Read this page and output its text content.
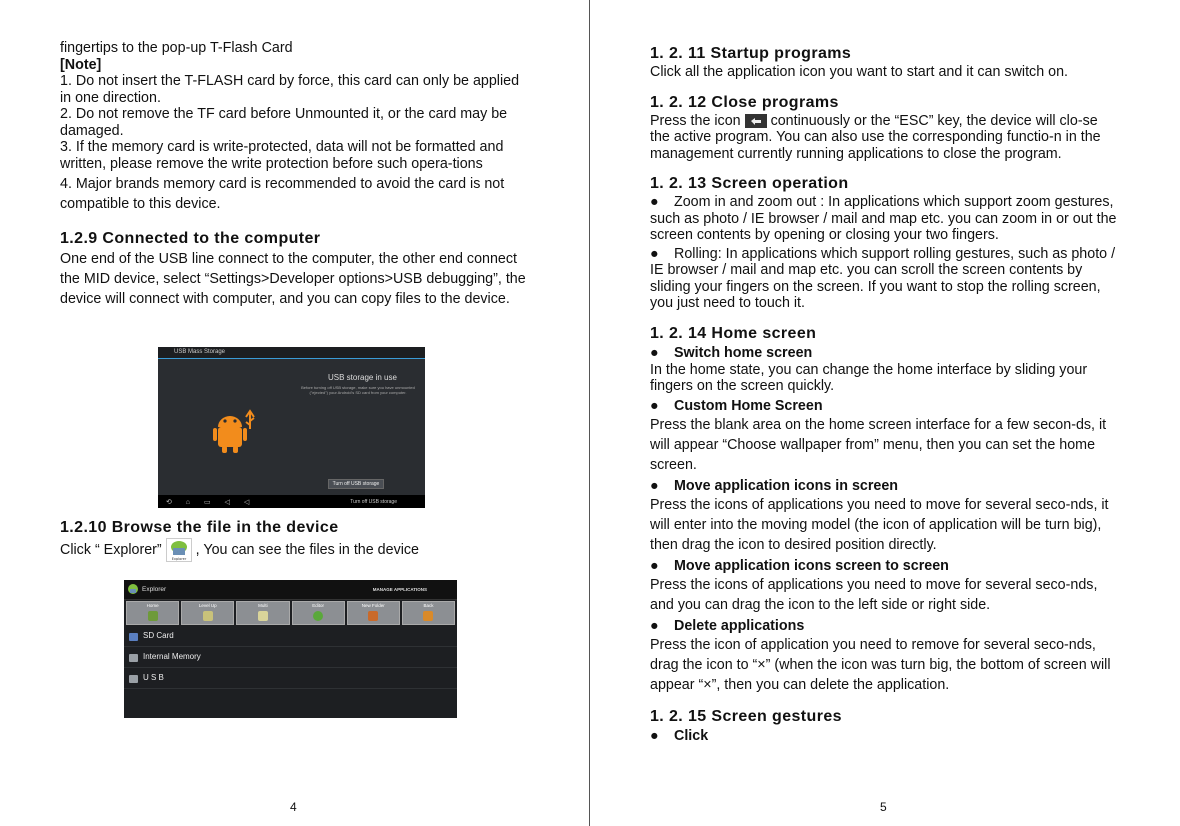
fingertips to the pop-up T-Flash Card

[Note]

1. Do not insert the T-FLASH card by force, this card can only be applied in one direction.

2. Do not remove the TF card before Unmounted it, or the card may be damaged.

3. If the memory card is write-protected, data will not be formatted and written, please remove the write protection before such opera-tions

4. Major brands memory card is recommended to avoid the card is not compatible to this device.

1.2.9 Connected to the computer

One end of the USB line connect to the computer, the other end connect the MID device, select “Settings>Developer options>USB debugging”, the device will connect with computer, and you can copy files to the device.

USB Mass Storage
USB storage in use
Before turning off USB storage, make sure you have unmounted ("ejected") your Android's SD card from your computer.
Turn off USB storage
⟲ ⌂ ▭ ◁ ◁	Turn off USB storage
1.2.10 Browse the file in the device

Click “ Explorer”
Explorer
, You can see the files in the device

Explorer	MANAGE APPLICATIONS
Home	Level Up	Multi	Editor	New Folder	Back
SD Card
Internal Memory
U S B
4
1. 2. 11 Startup programs

Click all the application icon you want to start and it can switch on.

1. 2. 12 Close programs

Press the icon continuously or the “ESC” key, the device will clo-se the active program. You can also use the corresponding functio-n in the management currently running applications to close the program.

1. 2. 13 Screen operation

● Zoom in and zoom out : In applications which support zoom gestures, such as photo / IE browser / mail and map etc. you can zoom in or out the screen contents by opening or closing your two fingers.

● Rolling: In applications which support rolling gestures, such as photo / IE browser / mail and map etc. you can scroll the screen contents by sliding your fingers on the screen. If you want to stop the rolling screen, you just need to touch it.

1. 2. 14 Home screen
●	Switch home screen

In the home state, you can change the home interface by sliding your fingers on the screen quickly.

●	Custom Home Screen

Press the blank area on the home screen interface for a few secon-ds, it will appear “Choose wallpaper from” menu, then you can set the home screen.

●	Move application icons in screen

Press the icons of applications you need to move for several seco-nds, it will enter into the moving model (the icon of application will be turn big), then drag the icon to desired position directly.

●	Move application icons screen to screen

Press the icons of applications you need to move for several seco-nds, and you can drag the icon to the left side or right side.

●	Delete applications

Press the icon of application you need to remove for several seco-nds, drag the icon to “×” (when the icon was turn big, the bottom of screen will appear “×”, then you can delete the application.

1. 2. 15 Screen gestures
●	Click
5
